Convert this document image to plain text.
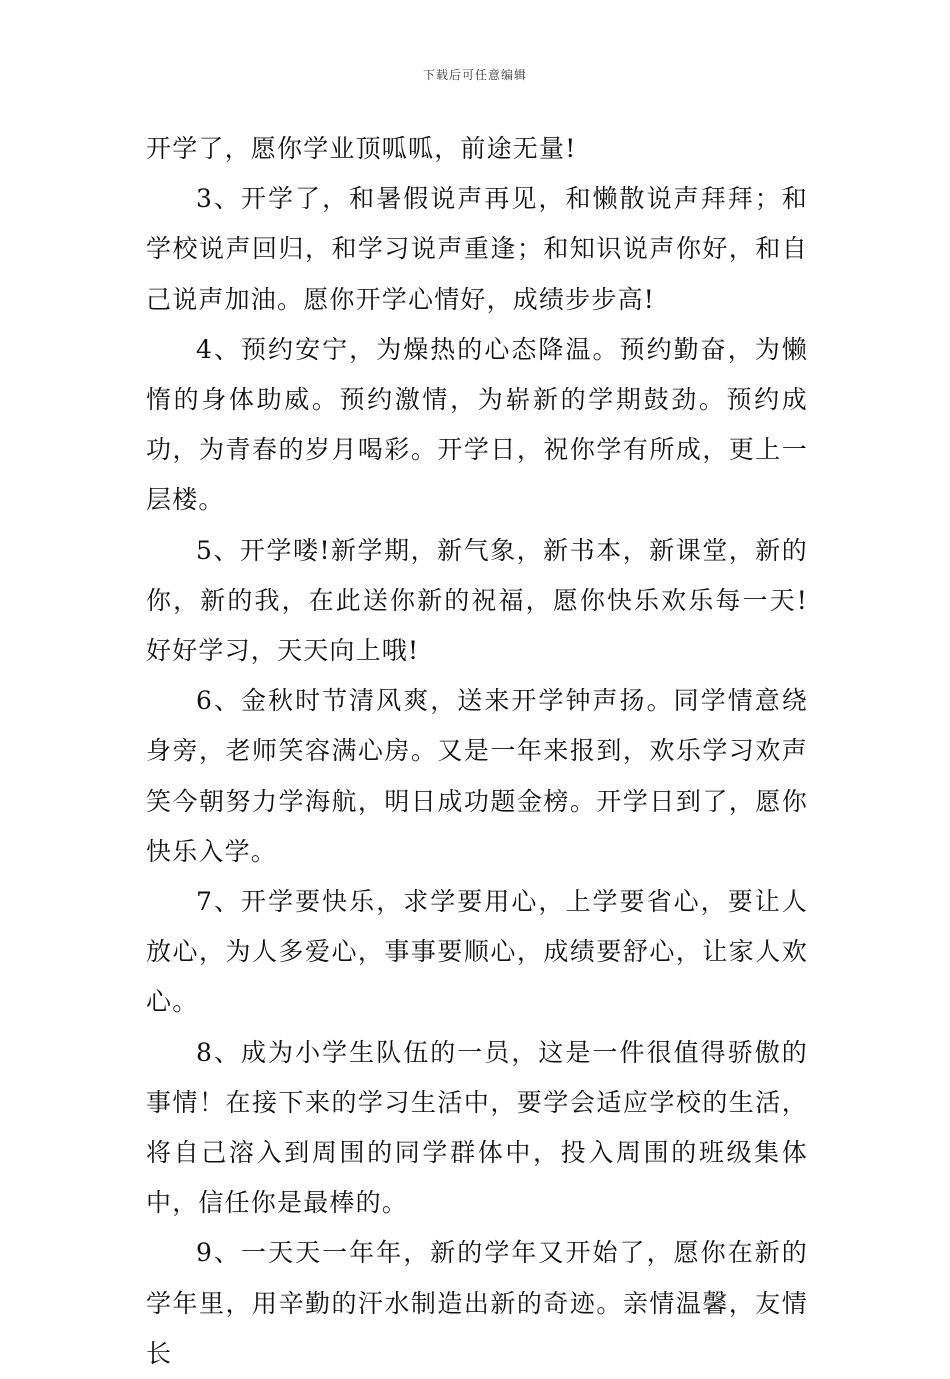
下载后可任意编辑

开学了，愿你学业顶呱呱，前途无量!

3、开学了，和暑假说声再见，和懒散说声拜拜；和学校说声回归，和学习说声重逢；和知识说声你好，和自己说声加油。愿你开学心情好，成绩步步高!

4、预约安宁，为燥热的心态降温。预约勤奋，为懒惰的身体助威。预约激情，为崭新的学期鼓劲。预约成功，为青春的岁月喝彩。开学日，祝你学有所成，更上一层楼。

5、开学喽!新学期，新气象，新书本，新课堂，新的你，新的我，在此送你新的祝福，愿你快乐欢乐每一天!好好学习，天天向上哦!

6、金秋时节清风爽，送来开学钟声扬。同学情意绕身旁，老师笑容满心房。又是一年来报到，欢乐学习欢声笑今朝努力学海航，明日成功题金榜。开学日到了，愿你快乐入学。

7、开学要快乐，求学要用心，上学要省心，要让人放心，为人多爱心，事事要顺心，成绩要舒心，让家人欢心。

8、成为小学生队伍的一员，这是一件很值得骄傲的事情！在接下来的学习生活中，要学会适应学校的生活，将自己溶入到周围的同学群体中，投入周围的班级集体中，信任你是最棒的。

9、一天天一年年，新的学年又开始了，愿你在新的学年里，用辛勤的汗水制造出新的奇迹。亲情温馨，友情长
